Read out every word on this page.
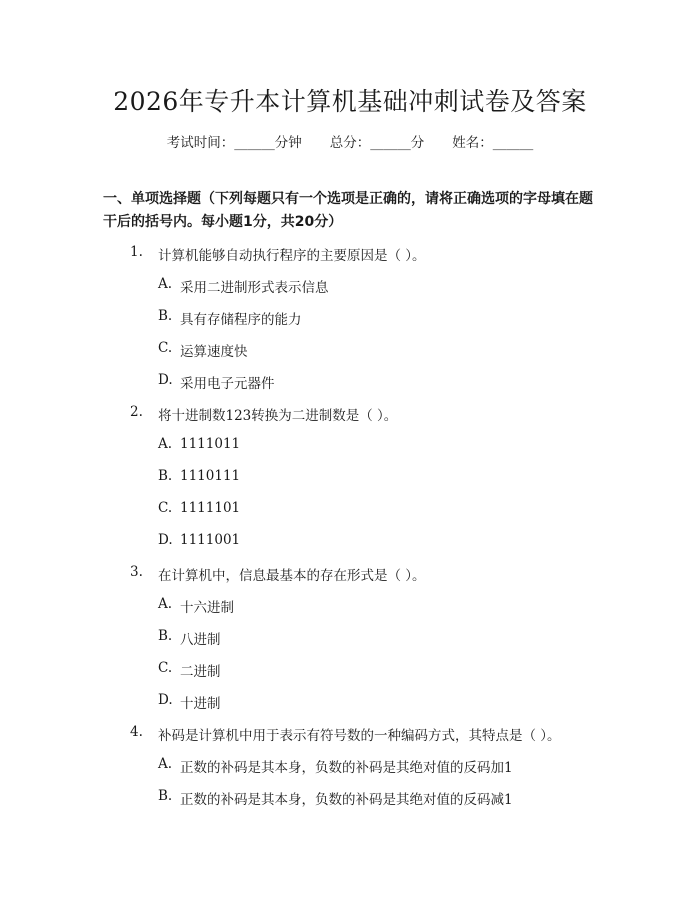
2026年专升本计算机基础冲刺试卷及答案
考试时间：______分钟 总分：______分 姓名：______
一、单项选择题（下列每题只有一个选项是正确的，请将正确选项的字母填在题干后的括号内。每小题1分，共20分）
1. 计算机能够自动执行程序的主要原因是（ ）。
A. 采用二进制形式表示信息
B. 具有存储程序的能力
C. 运算速度快
D. 采用电子元器件
2. 将十进制数123转换为二进制数是（ ）。
A. 1111011
B. 1110111
C. 1111101
D. 1111001
3. 在计算机中，信息最基本的存在形式是（ ）。
A. 十六进制
B. 八进制
C. 二进制
D. 十进制
4. 补码是计算机中用于表示有符号数的一种编码方式，其特点是（ ）。
A. 正数的补码是其本身，负数的补码是其绝对值的反码加1
B. 正数的补码是其本身，负数的补码是其绝对值的反码减1
